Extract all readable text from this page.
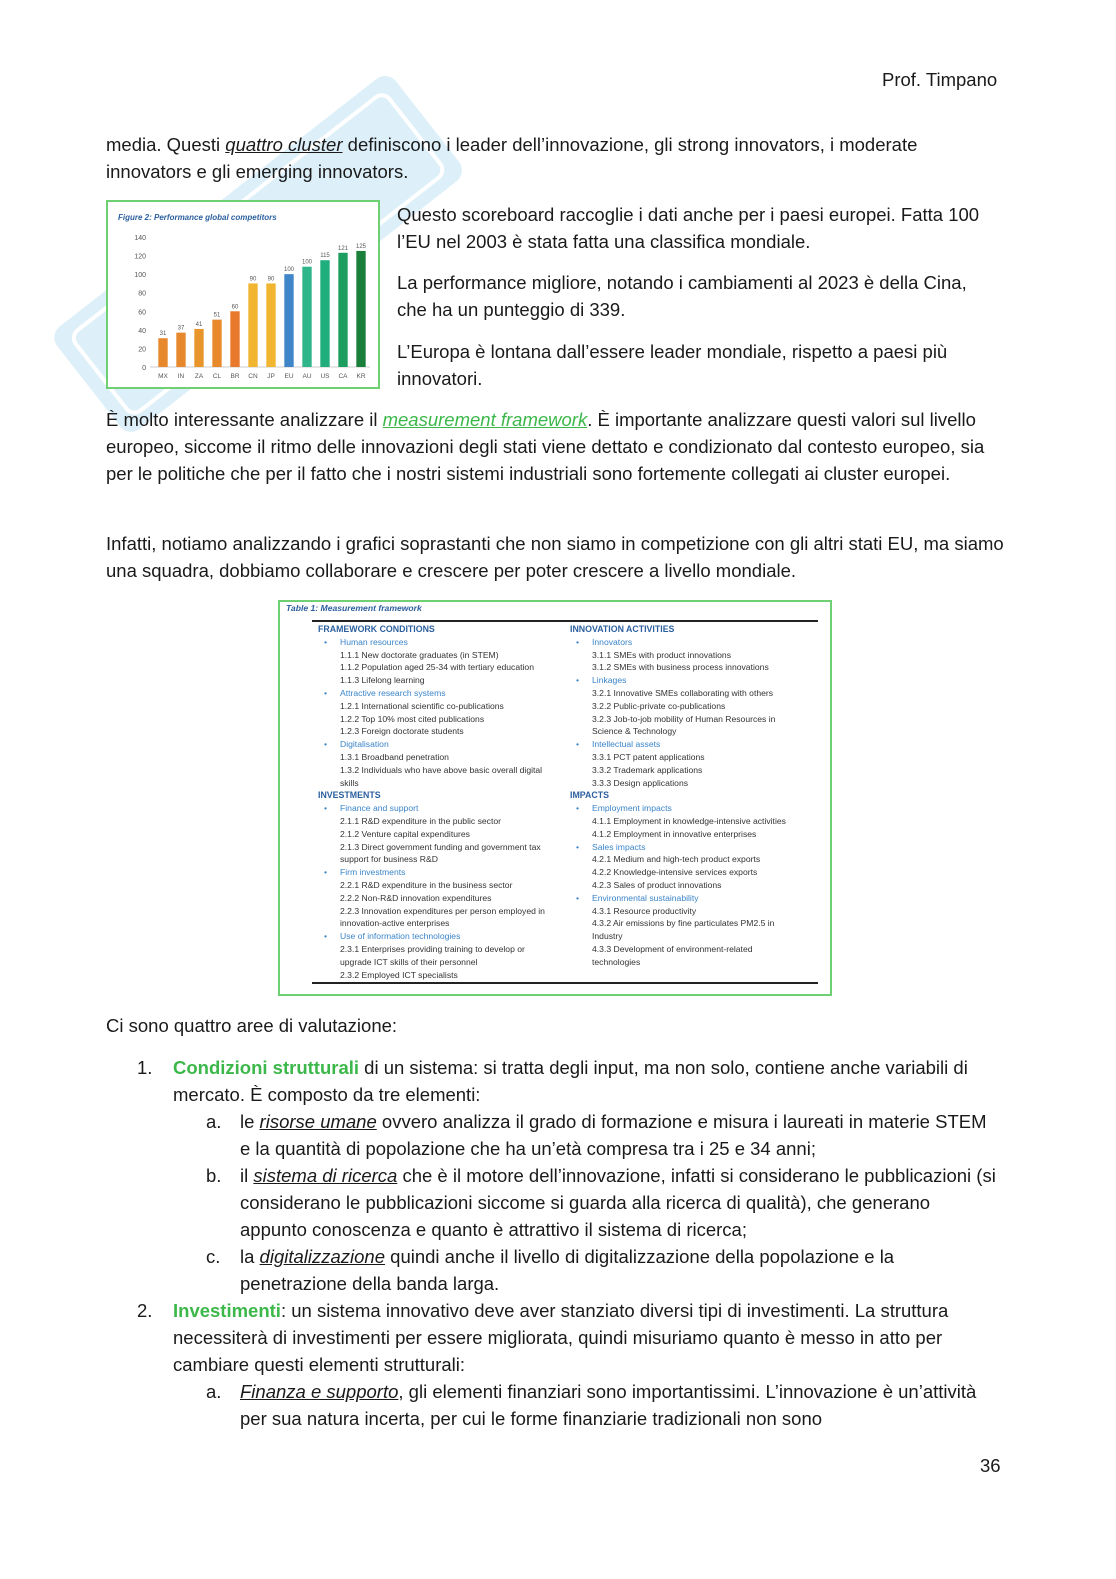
Prof. Timpano
media. Questi quattro cluster definiscono i leader dell’innovazione, gli strong innovators, i moderate innovators e gli emerging innovators.
Figure 2: Performance global competitors
0
20
40
60
80
100
120
140
31
MX
37
IN
41
ZA
51
CL
60
BR
90
CN
90
JP
100
EU
100
AU
115
US
121
CA
125
KR
Questo scoreboard raccoglie i dati anche per i paesi europei. Fatta 100 l’EU nel 2003 è stata fatta una classifica mondiale.
La performance migliore, notando i cambiamenti al 2023 è della Cina, che ha un punteggio di 339.
L’Europa è lontana dall’essere leader mondiale, rispetto a paesi più innovatori.
È molto interessante analizzare il measurement framework. È importante analizzare questi valori sul livello europeo, siccome il ritmo delle innovazioni degli stati viene dettato e condizionato dal contesto europeo, sia per le politiche che per il fatto che i nostri sistemi industriali sono fortemente collegati ai cluster europei.
Infatti, notiamo analizzando i grafici soprastanti che non siamo in competizione con gli altri stati EU, ma siamo una squadra, dobbiamo collaborare e crescere per poter crescere a livello mondiale.
Table 1: Measurement framework
FRAMEWORK CONDITIONS
• Human resources
1.1.1 New doctorate graduates (in STEM)
1.1.2 Population aged 25-34 with tertiary education
1.1.3 Lifelong learning
• Attractive research systems
1.2.1 International scientific co-publications
1.2.2 Top 10% most cited publications
1.2.3 Foreign doctorate students
• Digitalisation
1.3.1 Broadband penetration
1.3.2 Individuals who have above basic overall digital
skills
INVESTMENTS
• Finance and support
2.1.1 R&D expenditure in the public sector
2.1.2 Venture capital expenditures
2.1.3 Direct government funding and government tax
support for business R&D
• Firm investments
2.2.1 R&D expenditure in the business sector
2.2.2 Non-R&D innovation expenditures
2.2.3 Innovation expenditures per person employed in
innovation-active enterprises
• Use of information technologies
2.3.1 Enterprises providing training to develop or
upgrade ICT skills of their personnel
2.3.2 Employed ICT specialists
INNOVATION ACTIVITIES
• Innovators
3.1.1 SMEs with product innovations
3.1.2 SMEs with business process innovations
• Linkages
3.2.1 Innovative SMEs collaborating with others
3.2.2 Public-private co-publications
3.2.3 Job-to-job mobility of Human Resources in
Science & Technology
• Intellectual assets
3.3.1 PCT patent applications
3.3.2 Trademark applications
3.3.3 Design applications
IMPACTS
• Employment impacts
4.1.1 Employment in knowledge-intensive activities
4.1.2 Employment in innovative enterprises
• Sales impacts
4.2.1 Medium and high-tech product exports
4.2.2 Knowledge-intensive services exports
4.2.3 Sales of product innovations
• Environmental sustainability
4.3.1 Resource productivity
4.3.2 Air emissions by fine particulates PM2.5 in
Industry
4.3.3 Development of environment-related
technologies
Ci sono quattro aree di valutazione:
1. Condizioni strutturali di un sistema: si tratta degli input, ma non solo, contiene anche variabili di mercato. È composto da tre elementi:
a. le risorse umane ovvero analizza il grado di formazione e misura i laureati in materie STEM e la quantità di popolazione che ha un’età compresa tra i 25 e 34 anni;
b. il sistema di ricerca che è il motore dell’innovazione, infatti si considerano le pubblicazioni (si considerano le pubblicazioni siccome si guarda alla ricerca di qualità), che generano appunto conoscenza e quanto è attrattivo il sistema di ricerca;
c. la digitalizzazione quindi anche il livello di digitalizzazione della popolazione e la penetrazione della banda larga.
2. Investimenti: un sistema innovativo deve aver stanziato diversi tipi di investimenti. La struttura necessiterà di investimenti per essere migliorata, quindi misuriamo quanto è messo in atto per cambiare questi elementi strutturali:
a. Finanza e supporto, gli elementi finanziari sono importantissimi. L’innovazione è un’attività per sua natura incerta, per cui le forme finanziarie tradizionali non sono
36
